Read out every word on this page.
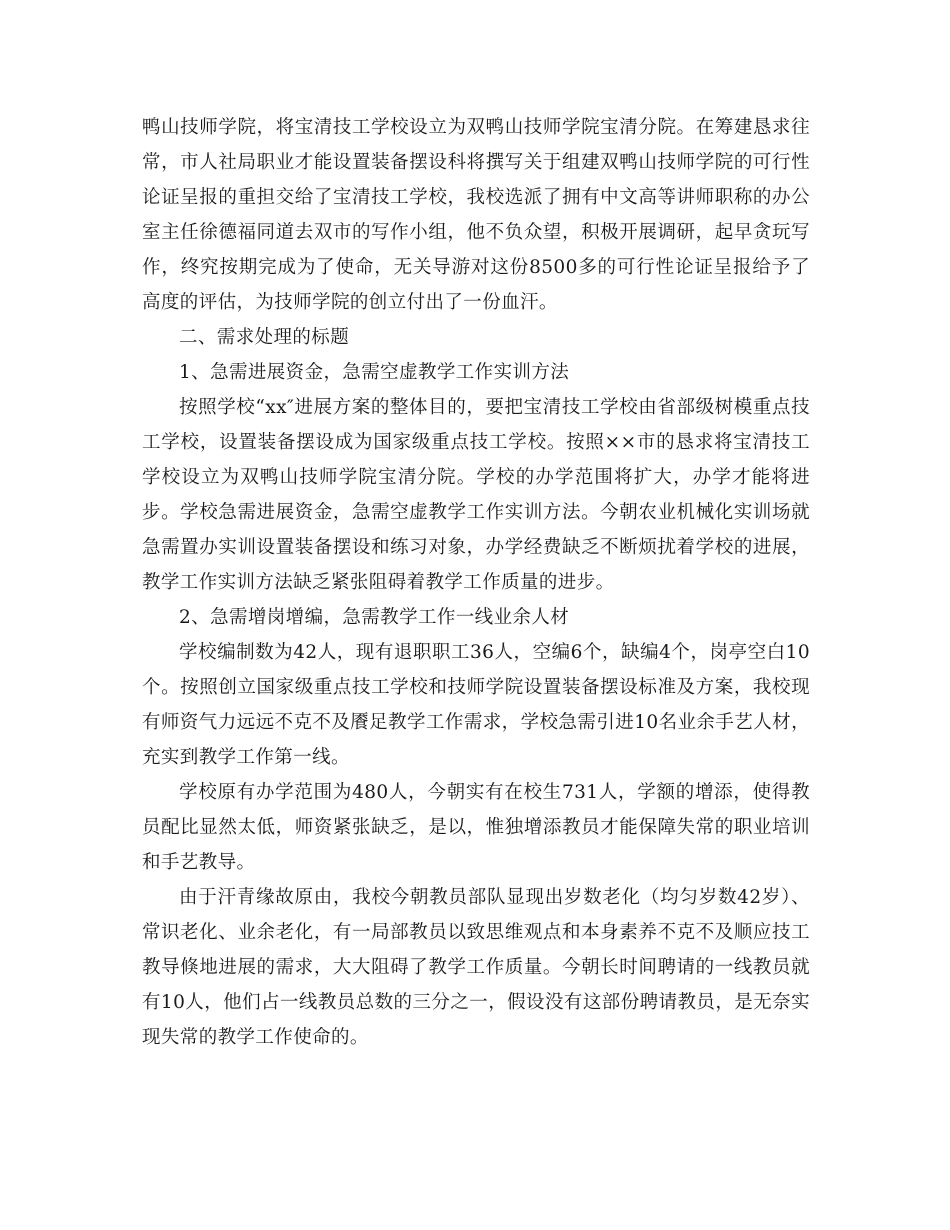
鸭山技师学院，将宝清技工学校设立为双鸭山技师学院宝清分院。在筹建恳求往常，市人社局职业才能设置装备摆设科将撰写关于组建双鸭山技师学院的可行性论证呈报的重担交给了宝清技工学校，我校选派了拥有中文高等讲师职称的办公室主任徐德福同道去双市的写作小组，他不负众望，积极开展调研，起早贪玩写作，终究按期完成为了使命，无关导游对这份8500多的可行性论证呈报给予了高度的评估，为技师学院的创立付出了一份血汗。

二、需求处理的标题

1、急需进展资金，急需空虚教学工作实训方法

按照学校“xx″进展方案的整体目的，要把宝清技工学校由省部级树模重点技工学校，设置装备摆设成为国家级重点技工学校。按照××市的恳求将宝清技工学校设立为双鸭山技师学院宝清分院。学校的办学范围将扩大，办学才能将进步。学校急需进展资金，急需空虚教学工作实训方法。今朝农业机械化实训场就急需置办实训设置装备摆设和练习对象，办学经费缺乏不断烦扰着学校的进展，教学工作实训方法缺乏紧张阻碍着教学工作质量的进步。

2、急需增岗增编，急需教学工作一线业余人材

学校编制数为42人，现有退职职工36人，空编6个，缺编4个，岗亭空白10个。按照创立国家级重点技工学校和技师学院设置装备摆设标准及方案，我校现有师资气力远远不克不及餍足教学工作需求，学校急需引进10名业余手艺人材，充实到教学工作第一线。

学校原有办学范围为480人，今朝实有在校生731人，学额的增添，使得教员配比显然太低，师资紧张缺乏，是以，惟独增添教员才能保障失常的职业培训和手艺教导。

由于汗青缘故原由，我校今朝教员部队显现出岁数老化（均匀岁数42岁）、常识老化、业余老化，有一局部教员以致思维观点和本身素养不克不及顺应技工教导倏地进展的需求，大大阻碍了教学工作质量。今朝长时间聘请的一线教员就有10人，他们占一线教员总数的三分之一，假设没有这部份聘请教员，是无奈实现失常的教学工作使命的。
